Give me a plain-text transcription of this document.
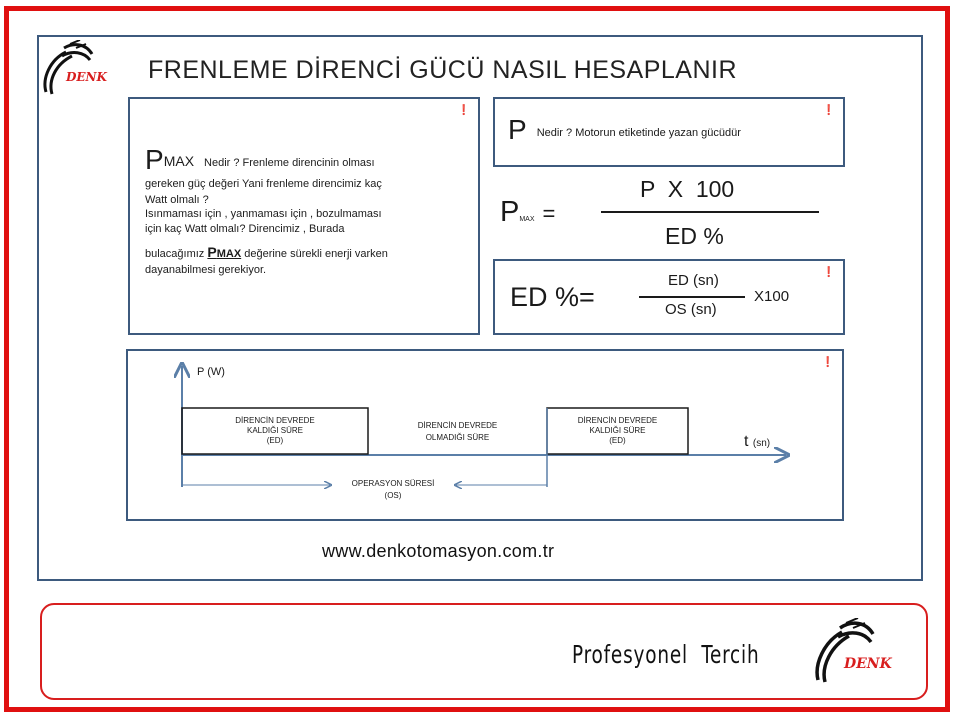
DENK FRENLEME DİRENCİ GÜCÜ NASIL HESAPLANIR
❗
PMAX Nedir ? Frenleme direncinin olması
gereken güç değeri Yani frenleme direncimiz kaç
Watt olmalı ?
Isınmaması için , yanmaması için , bozulmaması
için kaç Watt olmalı? Direncimiz , Burada
bulacağımız PMAX değerine sürekli enerji varken
dayanabilmesi gerekiyor.
❗
P Nedir ? Motorun etiketinde yazan gücüdür
PMAX =
P  X  100
ED %
❗
ED %=
ED (sn)
OS (sn)
X100
❗
P (W)
t (sn)
DİRENCİN DEVREDE
KALDIĞI SÜRE
(ED)
DİRENCİN DEVREDE
OLMADIĞI SÜRE
DİRENCİN DEVREDE
KALDIĞI SÜRE
(ED)
OPERASYON SÜRESİ
(OS)
www.denkotomasyon.com.tr
Profesyonel  Tercih	DENK
